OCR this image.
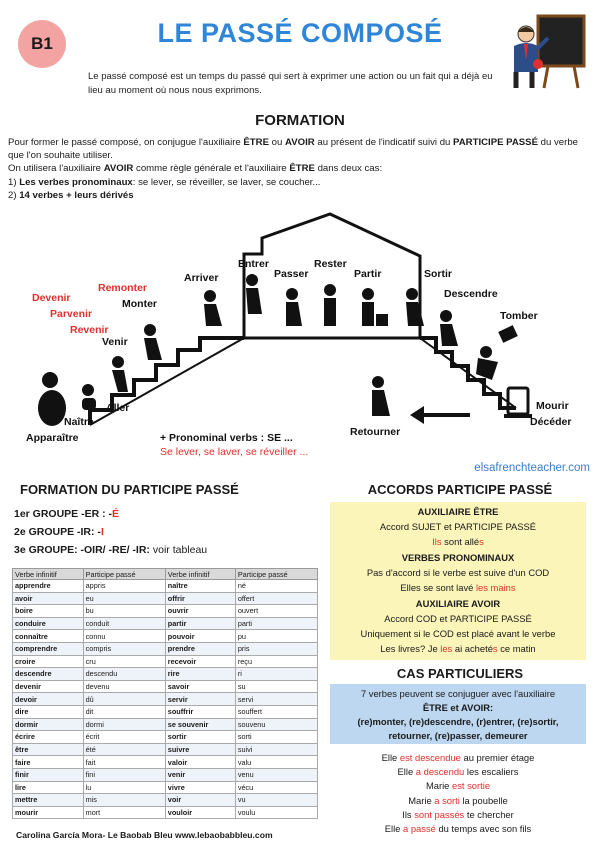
B1	LE PASSÉ COMPOSÉ
Le passé composé est un temps du passé qui sert à exprimer une action ou un fait qui a déjà eu lieu au moment où nous nous exprimons.
FORMATION
Pour former le passé composé, on conjugue l'auxiliaire ÊTRE ou AVOIR au présent de l'indicatif suivi du PARTICIPE PASSÉ du verbe que l'on souhaite utiliser.
On utilisera l'auxiliaire AVOIR comme règle générale et l'auxiliaire ÊTRE dans deux cas:
1) Les verbes pronominaux: se lever, se réveiller, se laver, se coucher...
2) 14 verbes + leurs dérivés
Devenir
Parvenir
Revenir
Remonter
Monter
Venir
Aller
Naître
Apparaître
Arriver
Entrer
Passer
Rester
Partir	Sortir
Descendre
Tomber
Mourir
Décéder
Retourner
+ Pronominal verbs : SE ...
Se lever, se laver, se réveiller ...
elsafrenchteacher.com
FORMATION DU PARTICIPE PASSÉ
1er GROUPE -ER : -É
2e GROUPE -IR: -I
3e GROUPE: -OIR/ -RE/ -IR: voir tableau
Verbe infinitif	Participe passé	Verbe infinitif	Participe passé
apprendre	appris	naître	né
avoir	eu	offrir	offert
boire	bu	ouvrir	ouvert
conduire	conduit	partir	parti
connaître	connu	pouvoir	pu
comprendre	compris	prendre	pris
croire	cru	recevoir	reçu
descendre	descendu	rire	ri
devenir	devenu	savoir	su
devoir	dû	servir	servi
dire	dit	souffrir	souffert
dormir	dormi	se souvenir	souvenu
écrire	écrit	sortir	sorti
être	été	suivre	suivi
faire	fait	valoir	valu
finir	fini	venir	venu
lire	lu	vivre	vécu
mettre	mis	voir	vu
mourir	mort	vouloir	voulu
ACCORDS PARTICIPE PASSÉ
AUXILIAIRE ÊTRE
Accord SUJET et PARTICIPE PASSÉ
Ils sont allés
VERBES PRONOMINAUX
Pas d'accord si le verbe est suive d'un COD
Elles se sont lavé les mains
AUXILIAIRE AVOIR
Accord COD et PARTICIPE PASSÉ
Uniquement si le COD est placé avant le verbe
Les livres? Je les ai achetés ce matin
CAS PARTICULIERS
7 verbes peuvent se conjuguer avec l'auxiliaire
ÊTRE et AVOIR:
(re)monter, (re)descendre, (r)entrer, (re)sortir,
retourner, (re)passer, demeurer
Elle est descendue au premier étage
Elle a descendu les escaliers
Marie est sortie
Marie a sorti la poubelle
Ils sont passés te chercher
Elle a passé du temps avec son fils
Carolina García Mora- Le Baobab Bleu www.lebaobabbleu.com
